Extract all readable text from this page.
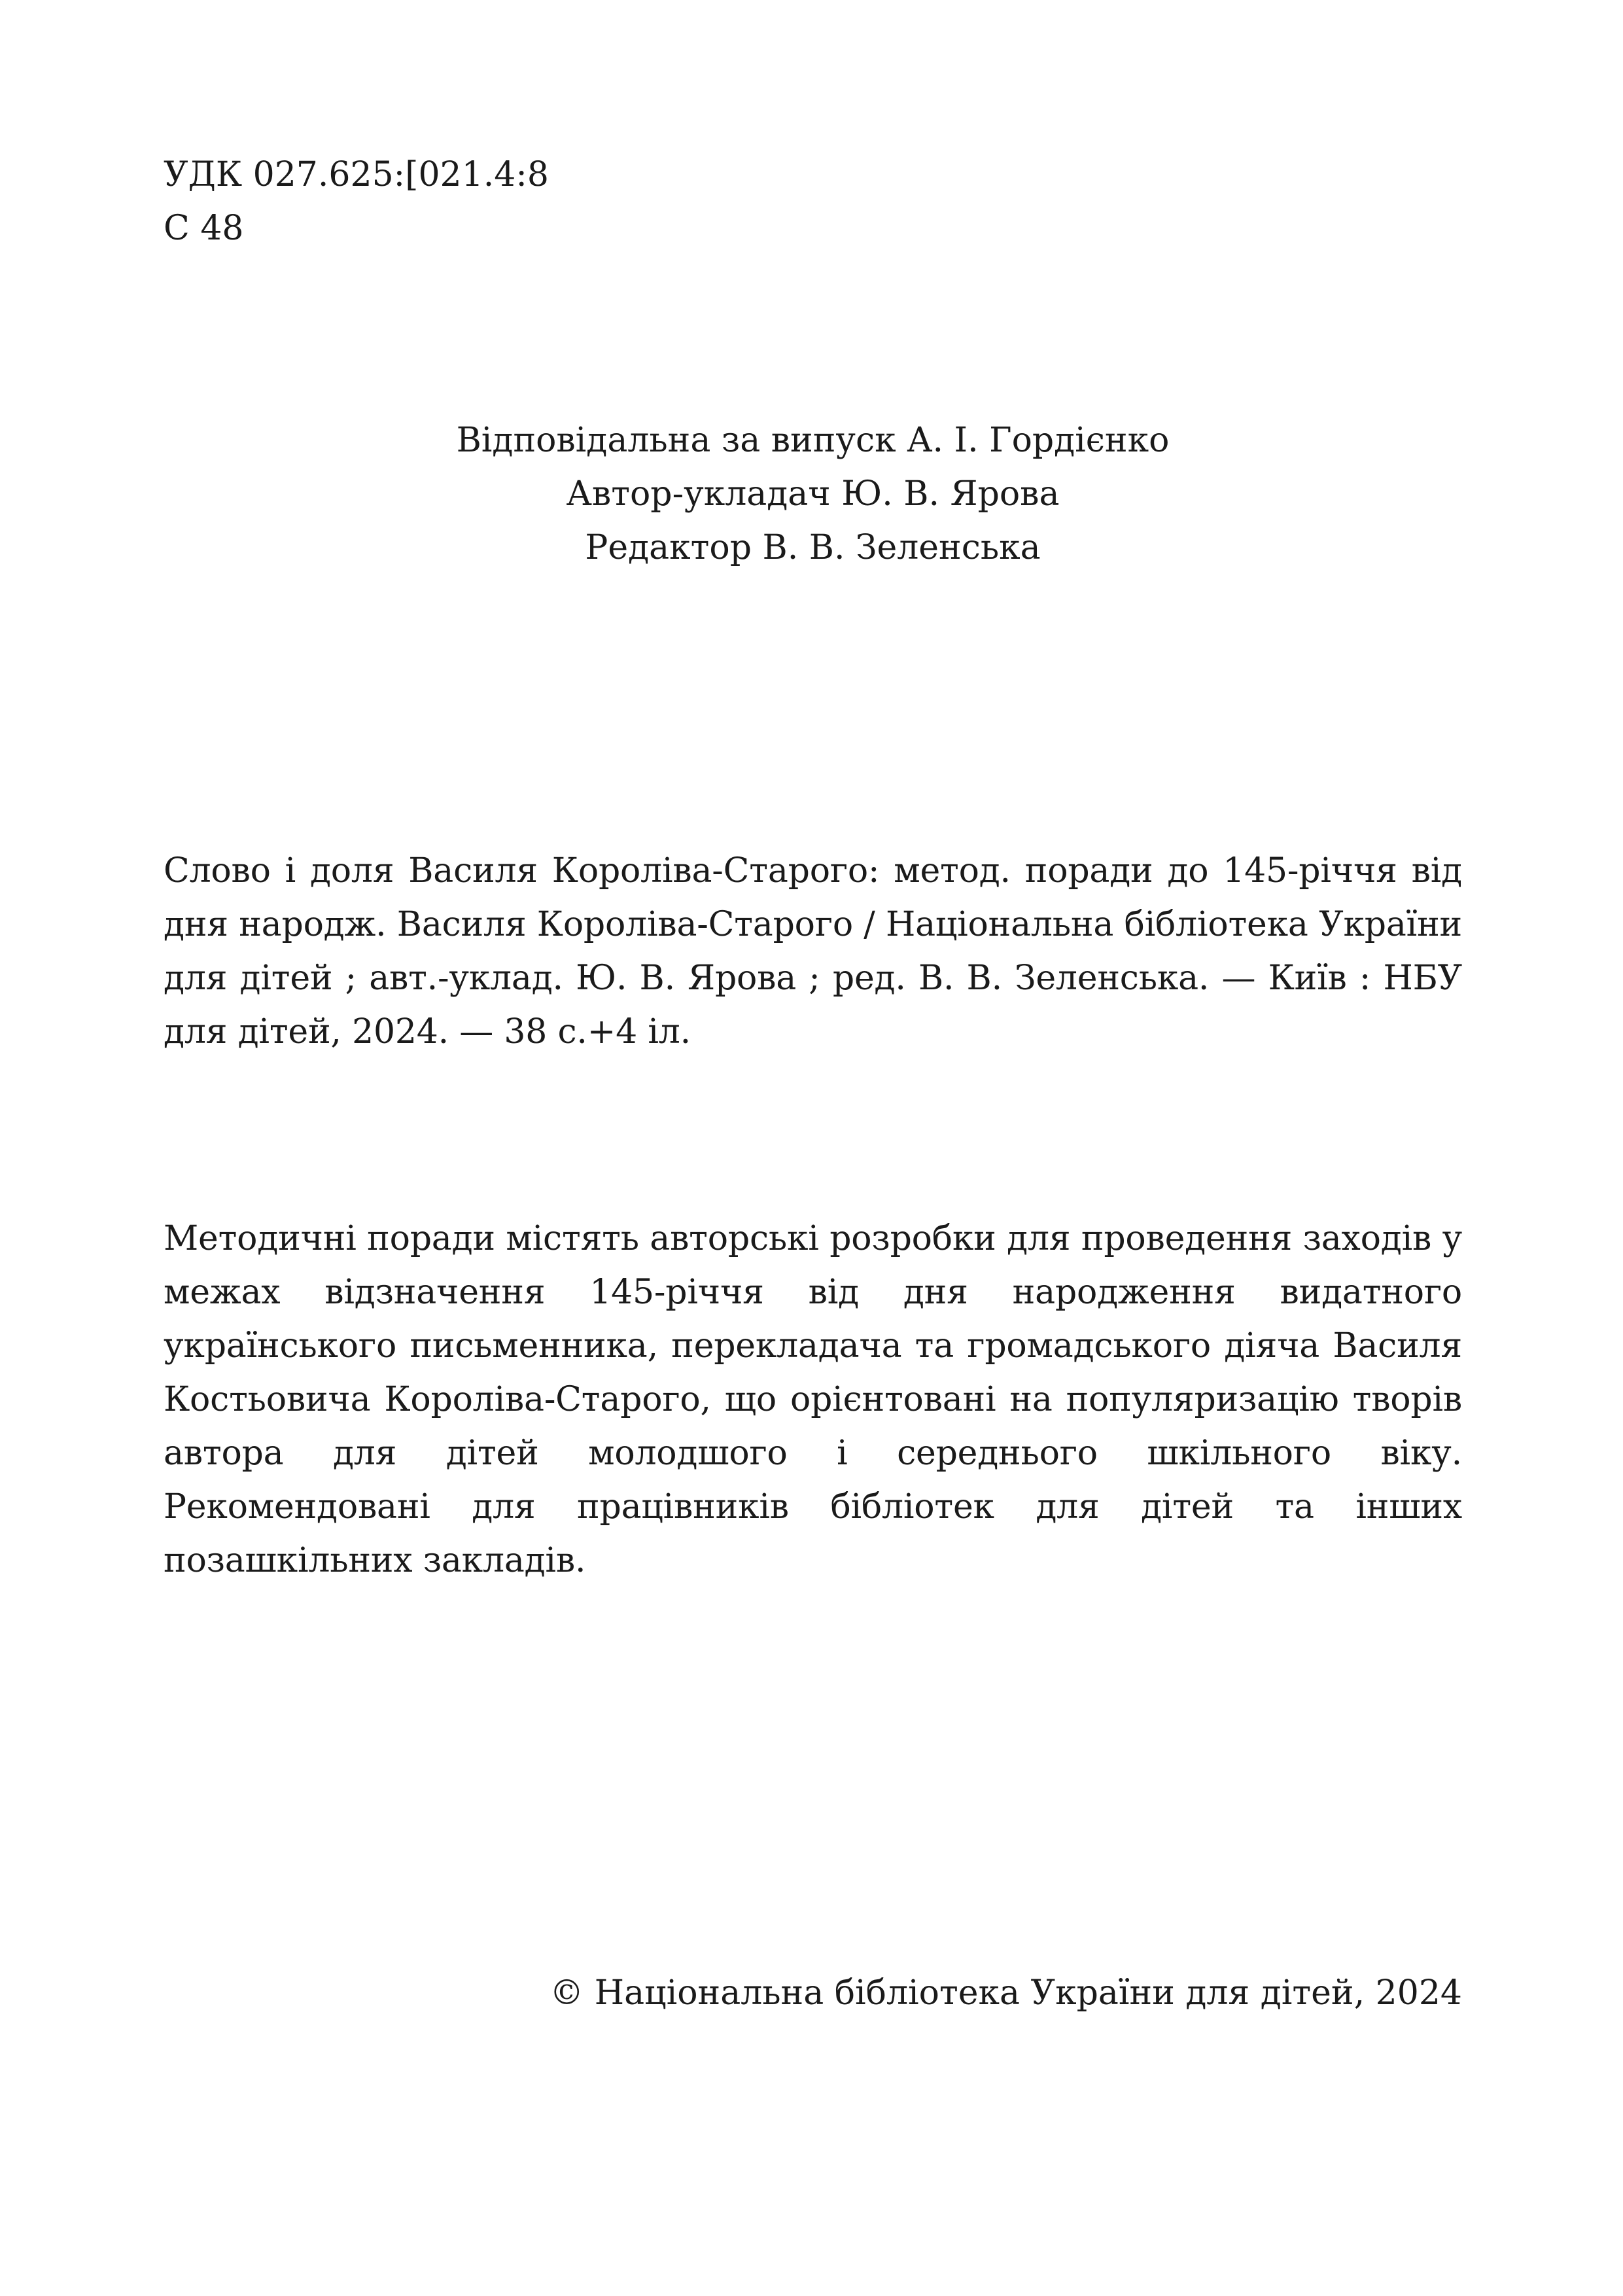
УДК 027.625:[021.4:8
С 48
Відповідальна за випуск А. І. Гордієнко
Автор-укладач Ю. В. Ярова
Редактор В. В. Зеленська
Слово і доля Василя Короліва-Старого: метод. поради до 145-річчя від дня народж. Василя Короліва-Старого / Національна бібліотека України для дітей ; авт.-уклад. Ю. В. Ярова ; ред. В. В. Зеленська. — Київ : НБУ для дітей, 2024. — 38 с.+4 іл.
Методичні поради містять авторські розробки для проведення заходів у межах відзначення 145-річчя від дня народження видатного українського письменника, перекладача та громадського діяча Василя Костьовича Короліва-Старого, що орієнтовані на популяризацію творів автора для дітей молодшого і середнього шкільного віку. Рекомендовані для працівників бібліотек для дітей та інших позашкільних закладів.
© Національна бібліотека України для дітей, 2024
